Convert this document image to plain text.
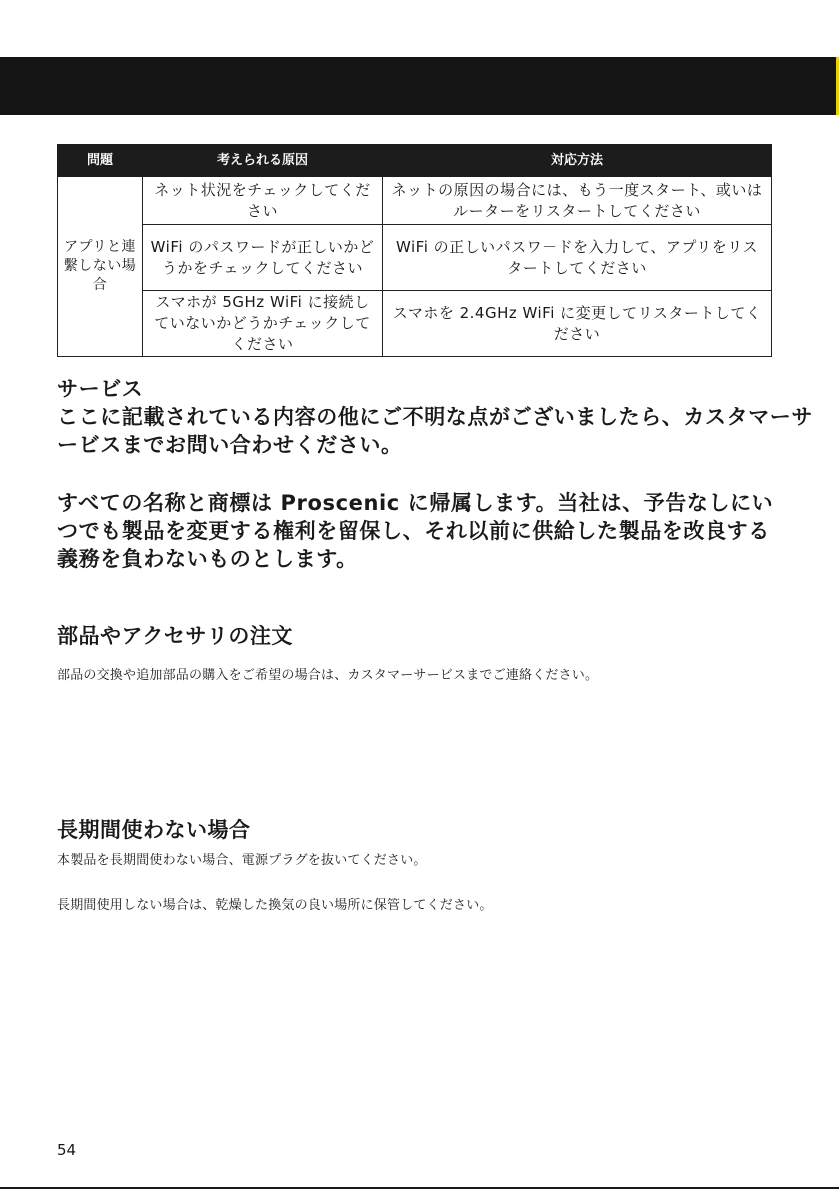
問題	考えられる原因	対応方法
アプリと連繫しない場合	ネット状況をチェックしてください	ネットの原因の場合には、もう一度スタート、或いはルーターをリスタートしてください
	WiFi のパスワードが正しいかどうかをチェックしてください	WiFi の正しいパスワ－ドを入力して、アプリをリスタートしてください
	スマホが 5GHz WiFi に接続していないかどうかチェックしてください	スマホを 2.4GHz WiFi に変更してリスタートしてください

サービス

ここに記載されている内容の他にご不明な点がございましたら、カスタマーサービスまでお問い合わせください。

すべての名称と商標は Proscenic に帰属します。当社は、予告なしにいつでも製品を変更する権利を留保し、それ以前に供給した製品を改良する義務を負わないものとします。

部品やアクセサリの注文

部品の交換や追加部品の購入をご希望の場合は、カスタマーサービスまでご連絡ください。

長期間使わない場合

本製品を長期間使わない場合、電源プラグを抜いてください。

長期間使用しない場合は、乾燥した換気の良い場所に保管してください。

54
